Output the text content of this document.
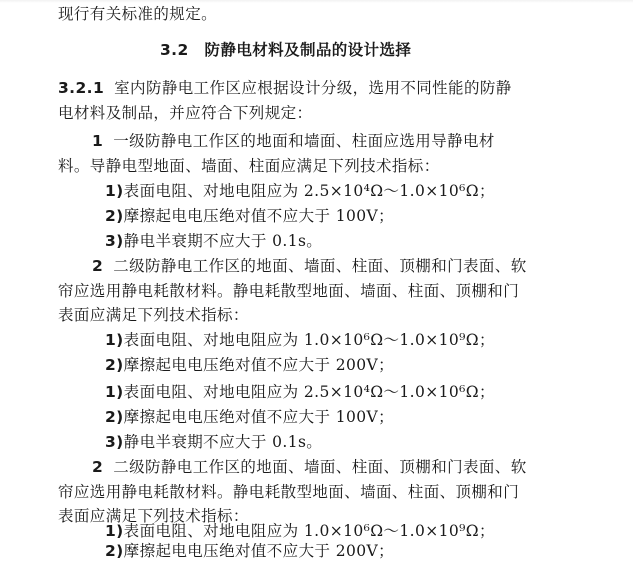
现行有关标准的规定。
3.2　防静电材料及制品的设计选择
3.2.1 室内防静电工作区应根据设计分级，选用不同性能的防静
电材料及制品，并应符合下列规定：
1 一级防静电工作区的地面和墙面、柱面应选用导静电材
料。导静电型地面、墙面、柱面应满足下列技术指标：
1)表面电阻、对地电阻应为 2.5×10⁴Ω～1.0×10⁶Ω；
2)摩擦起电电压绝对值不应大于 100V；
3)静电半衰期不应大于 0.1s。
2 二级防静电工作区的地面、墙面、柱面、顶棚和门表面、软
帘应选用静电耗散材料。静电耗散型地面、墙面、柱面、顶棚和门
表面应满足下列技术指标：
1)表面电阻、对地电阻应为 1.0×10⁶Ω～1.0×10⁹Ω；
2)摩擦起电电压绝对值不应大于 200V；
1)表面电阻、对地电阻应为 2.5×10⁴Ω～1.0×10⁶Ω；
2)摩擦起电电压绝对值不应大于 100V；
3)静电半衰期不应大于 0.1s。
2 二级防静电工作区的地面、墙面、柱面、顶棚和门表面、软
帘应选用静电耗散材料。静电耗散型地面、墙面、柱面、顶棚和门
表面应满足下列技术指标：
1)表面电阻、对地电阻应为 1.0×10⁶Ω～1.0×10⁹Ω；
2)摩擦起电电压绝对值不应大于 200V；
